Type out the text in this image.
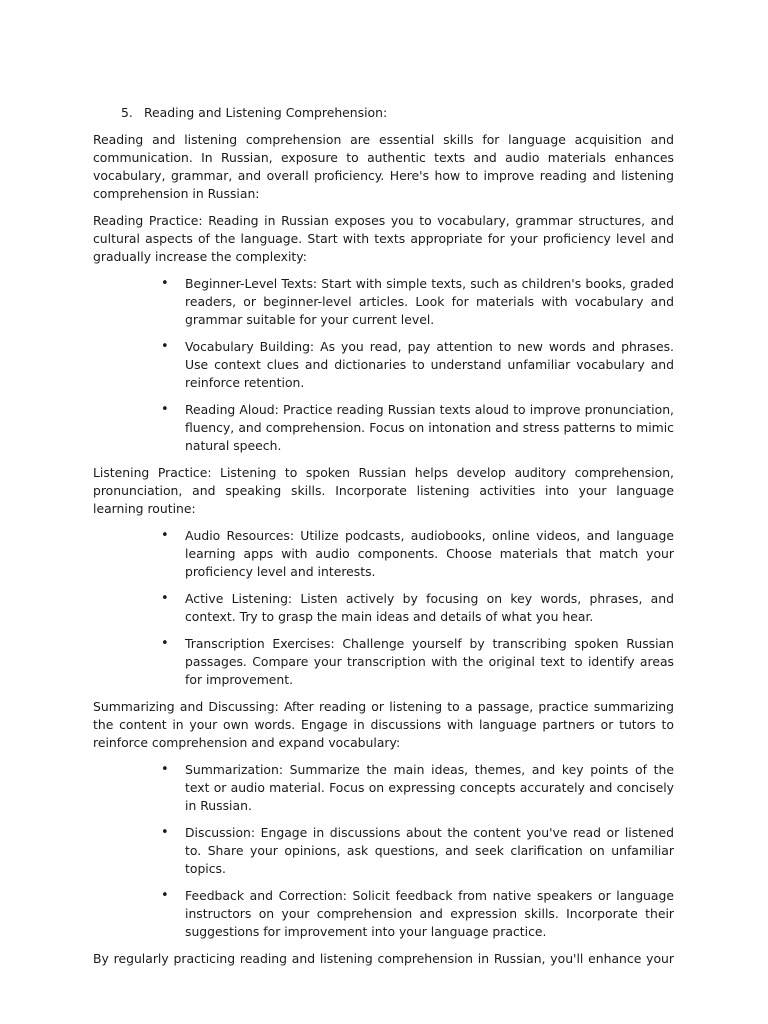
5. Reading and Listening Comprehension:

Reading and listening comprehension are essential skills for language acquisition and communication. In Russian, exposure to authentic texts and audio materials enhances vocabulary, grammar, and overall proficiency. Here's how to improve reading and listening comprehension in Russian:

Reading Practice: Reading in Russian exposes you to vocabulary, grammar structures, and cultural aspects of the language. Start with texts appropriate for your proficiency level and gradually increase the complexity:

• Beginner-Level Texts: Start with simple texts, such as children's books, graded readers, or beginner-level articles. Look for materials with vocabulary and grammar suitable for your current level.
• Vocabulary Building: As you read, pay attention to new words and phrases. Use context clues and dictionaries to understand unfamiliar vocabulary and reinforce retention.
• Reading Aloud: Practice reading Russian texts aloud to improve pronunciation, fluency, and comprehension. Focus on intonation and stress patterns to mimic natural speech.

Listening Practice: Listening to spoken Russian helps develop auditory comprehension, pronunciation, and speaking skills. Incorporate listening activities into your language learning routine:

• Audio Resources: Utilize podcasts, audiobooks, online videos, and language learning apps with audio components. Choose materials that match your proficiency level and interests.
• Active Listening: Listen actively by focusing on key words, phrases, and context. Try to grasp the main ideas and details of what you hear.
• Transcription Exercises: Challenge yourself by transcribing spoken Russian passages. Compare your transcription with the original text to identify areas for improvement.

Summarizing and Discussing: After reading or listening to a passage, practice summarizing the content in your own words. Engage in discussions with language partners or tutors to reinforce comprehension and expand vocabulary:

• Summarization: Summarize the main ideas, themes, and key points of the text or audio material. Focus on expressing concepts accurately and concisely in Russian.
• Discussion: Engage in discussions about the content you've read or listened to. Share your opinions, ask questions, and seek clarification on unfamiliar topics.
• Feedback and Correction: Solicit feedback from native speakers or language instructors on your comprehension and expression skills. Incorporate their suggestions for improvement into your language practice.

By regularly practicing reading and listening comprehension in Russian, you'll enhance your
